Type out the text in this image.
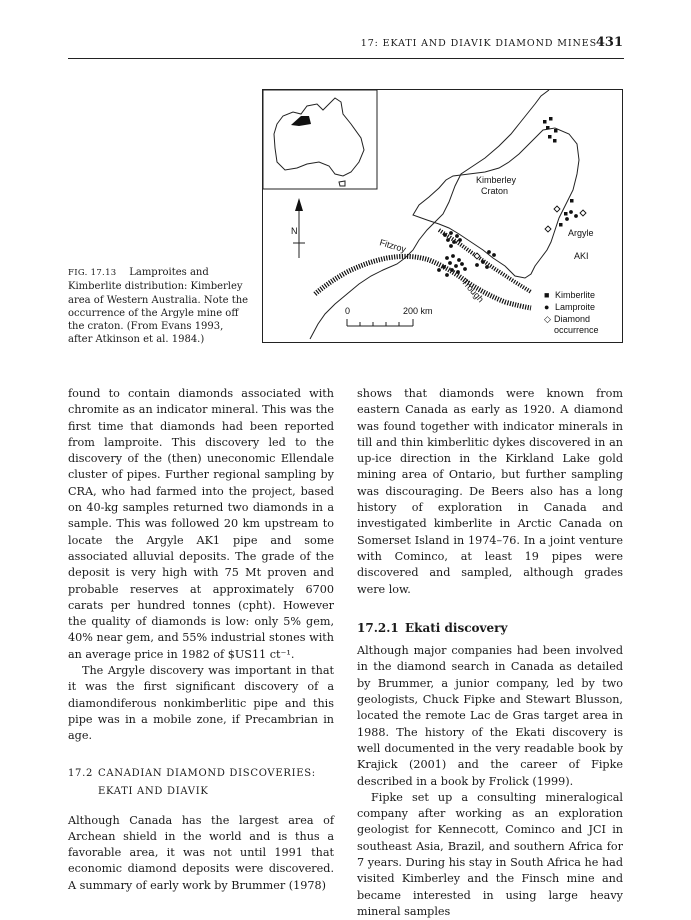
17: EKATI AND DIAVIK DIAMOND MINES
431
N
Kimberley
Craton
Fitzroy
Trough
Argyle
AKI
0	200 km
■ Kimberlite
● Lamproite
◇ Diamond occurrence
FIG. 17.13 Lamproites and Kimberlite distribution: Kimberley area of Western Australia. Note the occurrence of the Argyle mine off the craton. (From Evans 1993, after Atkinson et al. 1984.)

found to contain diamonds associated with chromite as an indicator mineral. This was the first time that diamonds had been reported from lamproite. This discovery led to the discovery of the (then) uneconomic Ellendale cluster of pipes. Further regional sampling by CRA, who had farmed into the project, based on 40-kg samples returned two diamonds in a sample. This was followed 20 km upstream to locate the Argyle AK1 pipe and some associated alluvial deposits. The grade of the deposit is very high with 75 Mt proven and probable reserves at approximately 6700 carats per hundred tonnes (cpht). However the quality of diamonds is low: only 5% gem, 40% near gem, and 55% industrial stones with an average price in 1982 of $US11 ct⁻¹.

The Argyle discovery was important in that it was the first significant discovery of a diamondiferous nonkimberlitic pipe and this pipe was in a mobile zone, if Precambrian in age.

17.2 CANADIAN DIAMOND DISCOVERIES:
EKATI AND DIAVIK

Although Canada has the largest area of Archean shield in the world and is thus a favorable area, it was not until 1991 that economic diamond deposits were discovered. A summary of early work by Brummer (1978)

shows that diamonds were known from eastern Canada as early as 1920. A diamond was found together with indicator minerals in till and thin kimberlitic dykes discovered in an up-ice direction in the Kirkland Lake gold mining area of Ontario, but further sampling was discouraging. De Beers also has a long history of exploration in Canada and investigated kimberlite in Arctic Canada on Somerset Island in 1974–76. In a joint venture with Cominco, at least 19 pipes were discovered and sampled, although grades were low.

17.2.1 Ekati discovery

Although major companies had been involved in the diamond search in Canada as detailed by Brummer, a junior company, led by two geologists, Chuck Fipke and Stewart Blusson, located the remote Lac de Gras target area in 1988. The history of the Ekati discovery is well documented in the very readable book by Krajick (2001) and the career of Fipke described in a book by Frolick (1999).

Fipke set up a consulting mineralogical company after working as an exploration geologist for Kennecott, Cominco and JCI in southeast Asia, Brazil, and southern Africa for 7 years. During his stay in South Africa he had visited Kimberley and the Finsch mine and became interested in using large heavy mineral samples
